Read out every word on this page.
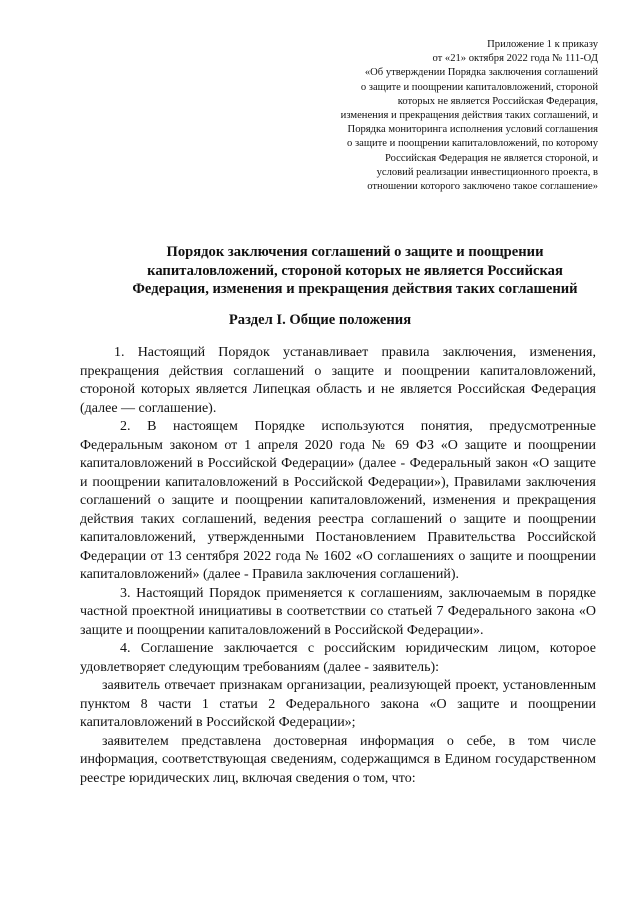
Приложение 1 к приказу
от «21» октября 2022 года № 111-ОД
«Об утверждении Порядка заключения соглашений
о защите и поощрении капиталовложений, стороной
которых не является Российская Федерация,
изменения и прекращения действия таких соглашений, и
Порядка мониторинга исполнения условий соглашения
о защите и поощрении капиталовложений, по которому
Российская Федерация не является стороной, и
условий реализации инвестиционного проекта, в
отношении которого заключено такое соглашение»
Порядок заключения соглашений о защите и поощрении
капиталовложений, стороной которых не является Российская
Федерация, изменения и прекращения действия таких соглашений
Раздел I. Общие положения

1. Настоящий Порядок устанавливает правила заключения, изменения, прекращения действия соглашений о защите и поощрении капиталовложений, стороной которых является Липецкая область и не является Российская Федерация (далее — соглашение).

2. В настоящем Порядке используются понятия, предусмотренные Федеральным законом от 1 апреля 2020 года № 69 ФЗ «О защите и поощрении капиталовложений в Российской Федерации» (далее - Федеральный закон «О защите и поощрении капиталовложений в Российской Федерации»), Правилами заключения соглашений о защите и поощрении капиталовложений, изменения и прекращения действия таких соглашений, ведения реестра соглашений о защите и поощрении капиталовложений, утвержденными Постановлением Правительства Российской Федерации от 13 сентября 2022 года № 1602 «О соглашениях о защите и поощрении капиталовложений» (далее - Правила заключения соглашений).

3. Настоящий Порядок применяется к соглашениям, заключаемым в порядке частной проектной инициативы в соответствии со статьей 7 Федерального закона «О защите и поощрении капиталовложений в Российской Федерации».

4. Соглашение заключается с российским юридическим лицом, которое удовлетворяет следующим требованиям (далее - заявитель):

заявитель отвечает признакам организации, реализующей проект, установленным пунктом 8 части 1 статьи 2 Федерального закона «О защите и поощрении капиталовложений в Российской Федерации»;

заявителем представлена достоверная информация о себе, в том числе информация, соответствующая сведениям, содержащимся в Едином государственном реестре юридических лиц, включая сведения о том, что:
